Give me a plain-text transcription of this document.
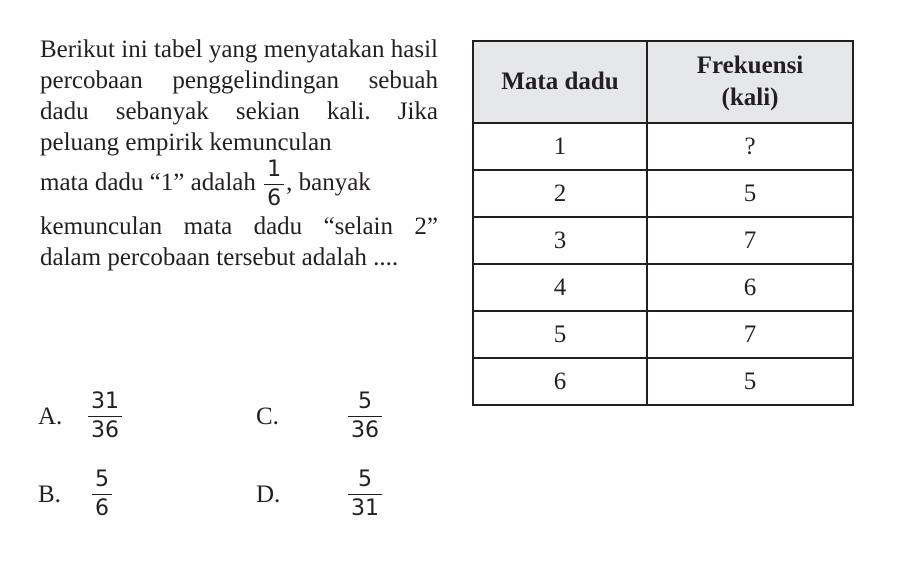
Berikut ini tabel yang menyatakan hasil percobaan penggelindingan sebuah dadu sebanyak sekian kali. Jika peluang empirik kemunculan

mata dadu “1” adalah $\frac{1}{6}$ , banyak

kemunculan mata dadu “selain 2” dalam percobaan tersebut adalah ....

A.	$\frac{31}{36}$
B.	$\frac{5}{6}$
C.	$\frac{5}{36}$
D.	$\frac{5}{31}$
Mata dadu	Frekuensi
(kali)
1	?
2	5
3	7
4	6
5	7
6	5
